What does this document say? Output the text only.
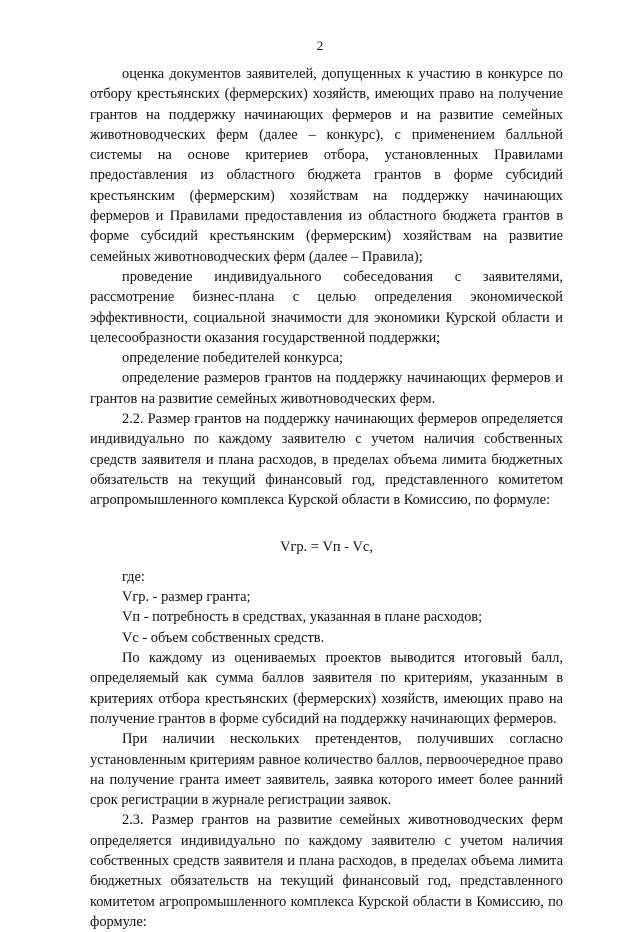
2

оценка документов заявителей, допущенных к участию в конкурсе по отбору крестьянских (фермерских) хозяйств, имеющих право на получение грантов на поддержку начинающих фермеров и на развитие семейных животноводческих ферм (далее – конкурс), с применением балльной системы на основе критериев отбора, установленных Правилами предоставления из областного бюджета грантов в форме субсидий крестьянским (фермерским) хозяйствам на поддержку начинающих фермеров и Правилами предоставления из областного бюджета грантов в форме субсидий крестьянским (фермерским) хозяйствам на развитие семейных животноводческих ферм (далее – Правила);

проведение индивидуального собеседования с заявителями, рассмотрение бизнес-плана с целью определения экономической эффективности, социальной значимости для экономики Курской области и целесообразности оказания государственной поддержки;

определение победителей конкурса;

определение размеров грантов на поддержку начинающих фермеров и грантов на развитие семейных животноводческих ферм.

2.2. Размер грантов на поддержку начинающих фермеров определяется индивидуально по каждому заявителю с учетом наличия собственных средств заявителя и плана расходов, в пределах объема лимита бюджетных обязательств на текущий финансовый год, представленного комитетом агропромышленного комплекса Курской области в Комиссию, по формуле:

Vгр. = Vп - Vс,

где:

Vгр. - размер гранта;

Vп - потребность в средствах, указанная в плане расходов;

Vс - объем собственных средств.

По каждому из оцениваемых проектов выводится итоговый балл, определяемый как сумма баллов заявителя по критериям, указанным в критериях отбора крестьянских (фермерских) хозяйств, имеющих право на получение грантов в форме субсидий на поддержку начинающих фермеров.

При наличии нескольких претендентов, получивших согласно установленным критериям равное количество баллов, первоочередное право на получение гранта имеет заявитель, заявка которого имеет более ранний срок регистрации в журнале регистрации заявок.

2.3. Размер грантов на развитие семейных животноводческих ферм определяется индивидуально по каждому заявителю с учетом наличия собственных средств заявителя и плана расходов, в пределах объема лимита бюджетных обязательств на текущий финансовый год, представленного комитетом агропромышленного комплекса Курской области в Комиссию, по формуле:
